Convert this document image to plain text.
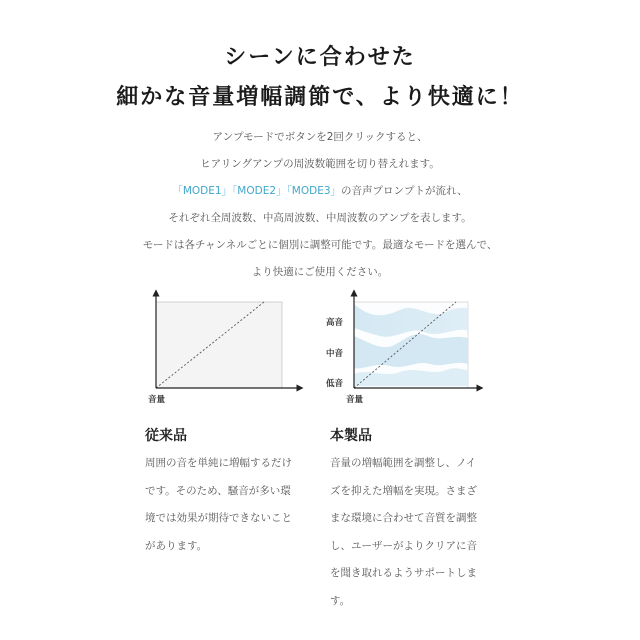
シーンに合わせた
細かな音量増幅調節で、より快適に！
アンプモードでボタンを2回クリックすると、
ヒアリングアンプの周波数範囲を切り替えれます。
「MODE1」「MODE2」「MODE3」の音声プロンプトが流れ、
それぞれ全周波数、中高周波数、中周波数のアンプを表します。
モードは各チャンネルごとに個別に調整可能です。最適なモードを選んで、
より快適にご使用ください。
音量
高音
中音
低音
音量
従来品
周囲の音を単純に増幅するだけ
です。そのため、騒音が多い環
境では効果が期待できないこと
があります。
本製品
音量の増幅範囲を調整し、ノイ
ズを抑えた増幅を実現。さまざ
まな環境に合わせて音質を調整
し、ユーザーがよりクリアに音
を聞き取れるようサポートしま
す。
